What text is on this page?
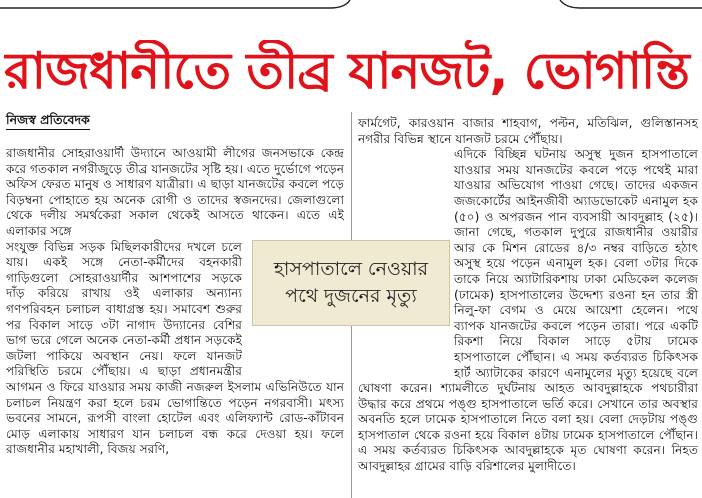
রাজধানীতে তীব্র যানজট, ভোগান্তি
নিজস্ব প্রতিবেদক

রাজধানীর সোহরাওয়ার্দী উদ্যানে আওয়ামী লীগের জনসভাকে কেন্দ্র করে গতকাল নগরীজুড়ে তীব্র যানজটের সৃষ্টি হয়। এতে দুর্ভোগে পড়েন অফিস ফেরত মানুষ ও সাধারণ যাত্রীরা। এ ছাড়া যানজটের কবলে পড়ে বিড়ম্বনা পোহাতে হয় অনেক রোগী ও তাদের স্বজনদের। জেলাগুলো থেকে দলীয় সমর্থকেরা সকাল থেকেই আসতে থাকেন। এতে এই এলাকার সঙ্গে

সংযুক্ত বিভিন্ন সড়ক মিছিলকারীদের দখলে চলে যায়। একই সঙ্গে নেতা-কর্মীদের বহনকারী গাড়িগুলো সোহরাওয়ার্দীর আশপাশের সড়কে দাঁড় করিয়ে রাখায় ওই এলাকার অন্যান্য গণপরিবহন চলাচল বাধাগ্রস্ত হয়। সমাবেশ শুরুর পর বিকাল সাড়ে ৩টা নাগাদ উদ্যানের বেশির ভাগ ভরে গেলে অনেক নেতা-কর্মী প্রধান সড়কেই জটলা পাকিয়ে অবস্থান নেয়। ফলে যানজট পরিস্থিতি চরমে পৌঁছায়। এ ছাড়া প্রধানমন্ত্রীর আগমন ও ফিরে যাওয়ার সময় কাজী নজরুল ইসলাম এভিনিউতে যান চলাচল নিয়ন্ত্রণ করা হলে চরম ভোগান্তিতে পড়েন নগরবাসী। মৎস্য ভবনের সামনে, রূপসী বাংলা হোটেল এবং এলিফ্যান্ট রোড-কাঁটাবন মোড় এলাকায় সাধারণ যান চলাচল বন্ধ করে দেওয়া হয়। ফলে রাজধানীর মহাখালী, বিজয় সরণি,

ফার্মগেট, কারওয়ান বাজার শাহবাগ, পল্টন, মতিঝিল, গুলিস্তানসহ নগরীর বিভিন্ন স্থানে যানজট চরমে পৌঁছায়।

এদিকে বিচ্ছিন্ন ঘটনায় অসুস্থ দুজন হাসপাতালে যাওয়ার সময় যানজটের কবলে পড়ে পথেই মারা যাওয়ার অভিযোগ পাওয়া গেছে। তাদের একজন জজকোর্টের আইনজীবী অ্যাডভোকেট এনামুল হক (৫০) ও অপরজন পান ব্যবসায়ী আবদুল্লাহ (২৫)। জানা গেছে, গতকাল দুপুরে রাজধানীর ওয়ারীর আর কে মিশন রোডের ৪/৩ নম্বর বাড়িতে হঠাৎ অসুস্থ হয়ে পড়েন এনামুল হক। বেলা ৩টার দিকে তাকে নিয়ে অ্যাটারিকশায় ঢাকা মেডিকেল কলেজ (ঢামেক) হাসপাতালের উদ্দেশ্য রওনা হন তার স্ত্রী নিলু-ফা বেগম ও মেয়ে আয়েশা হেলেন। পথে ব্যাপক যানজটের কবলে পড়েন তারা। পরে একটি রিকশা নিয়ে বিকাল সাড়ে ৫টায় ঢামেক হাসপাতালে পৌঁছান। এ সময় কর্তব্যরত চিকিৎসক হার্ট অ্যাটাকের কারণে এনামুলের মৃত্যু হয়েছে বলে ঘোষণা করেন। শ্যামলীতে দুর্ঘটনায় আহত আবদুল্লাহকে পথচারীরা উদ্ধার করে প্রথমে পঙ্গু হাসপাতালে ভর্তি করে। সেখানে তার অবস্থার অবনতি হলে ঢামেক হাসপাতালে নিতে বলা হয়। বেলা দেড়টায় পঙ্গু হাসপাতাল থেকে রওনা হয়ে বিকাল ৪টায় ঢামেক হাসপাতালে পৌঁছান। এ সময় কর্তব্যরত চিকিৎসক আবদুল্লাহকে মৃত ঘোষণা করেন। নিহত আবদুল্লাহর গ্রামের বাড়ি বরিশালের মুলাদীতে।

হাসপাতালে নেওয়ার
পথে দুজনের মৃত্যু
